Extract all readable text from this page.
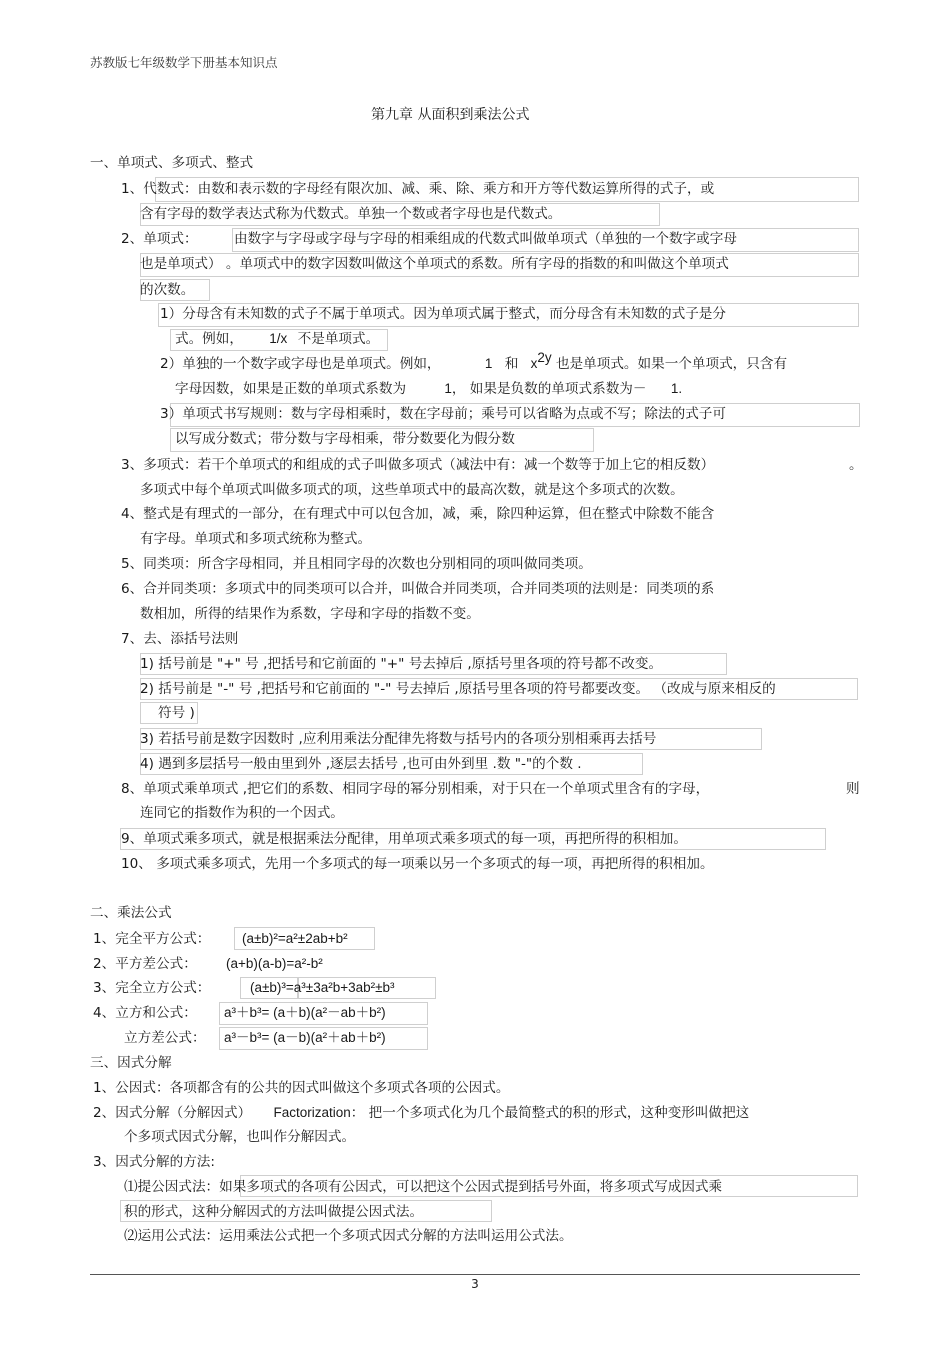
苏教版七年级数学下册基本知识点
第九章 从面积到乘法公式
一、单项式、多项式、整式
1、代数式：由数和表示数的字母经有限次加、减、乘、除、乘方和开方等代数运算所得的式子，或
含有字母的数学表达式称为代数式。单独一个数或者字母也是代数式。
2、单项式：	由数字与字母或字母与字母的相乘组成的代数式叫做单项式（单独的一个数字或字母
也是单项式） 。单项式中的数字因数叫做这个单项式的系数。所有字母的指数的和叫做这个单项式
的次数。
1）分母含有未知数的式子不属于单项式。因为单项式属于整式，而分母含有未知数的式子是分
式。例如， 1/x 不是单项式。
2）单独的一个数字或字母也是单项式。例如，	1 和 $x^{2y}$ 也是单项式。如果一个单项式，只含有
字母因数，如果是正数的单项式系数为	1， 如果是负数的单项式系数为－ 1.
3）单项式书写规则：数与字母相乘时，数在字母前；乘号可以省略为点或不写；除法的式子可
以写成分数式；带分数与字母相乘，带分数要化为假分数
3、多项式：若干个单项式的和组成的式子叫做多项式（减法中有：减一个数等于加上它的相反数）	。
多项式中每个单项式叫做多项式的项，这些单项式中的最高次数，就是这个多项式的次数。
4、整式是有理式的一部分，在有理式中可以包含加，减，乘，除四种运算，但在整式中除数不能含
有字母。单项式和多项式统称为整式。
5、同类项：所含字母相同，并且相同字母的次数也分别相同的项叫做同类项。
6、合并同类项：多项式中的同类项可以合并，叫做合并同类项，合并同类项的法则是：同类项的系
数相加，所得的结果作为系数，字母和字母的指数不变。
7、去、添括号法则
1) 括号前是 "+" 号 ,把括号和它前面的 "+" 号去掉后 ,原括号里各项的符号都不改变。
2) 括号前是 "-" 号 ,把括号和它前面的 "-" 号去掉后 ,原括号里各项的符号都要改变。 （改成与原来相反的
符号 )
3) 若括号前是数字因数时 ,应利用乘法分配律先将数与括号内的各项分别相乘再去括号
4) 遇到多层括号一般由里到外 ,逐层去括号 ,也可由外到里 .数 "-"的个数 .
8、单项式乘单项式 ,把它们的系数、相同字母的幂分别相乘，对于只在一个单项式里含有的字母，	则
连同它的指数作为积的一个因式。
9、单项式乘多项式，就是根据乘法分配律，用单项式乘多项式的每一项，再把所得的积相加。
10、 多项式乘多项式，先用一个多项式的每一项乘以另一个多项式的每一项，再把所得的积相加。
二、乘法公式
1、完全平方公式： (a±b)²=a²±2ab+b²
2、平方差公式： (a+b)(a-b)=a²-b²
3、完全立方公式：	(a±b)³=a³±3a²b+3ab²±b³
4、立方和公式： a³＋b³= (a＋b)(a²－ab＋b²)
立方差公式： a³－b³= (a－b)(a²＋ab＋b²)
三、因式分解
1、公因式：各项都含有的公共的因式叫做这个多项式各项的公因式。
2、因式分解（分解因式） Factorization： 把一个多项式化为几个最简整式的积的形式，这种变形叫做把这
个多项式因式分解，也叫作分解因式。
3、因式分解的方法:
⑴提公因式法：如果多项式的各项有公因式，可以把这个公因式提到括号外面，将多项式写成因式乘
积的形式，这种分解因式的方法叫做提公因式法。
⑵运用公式法：运用乘法公式把一个多项式因式分解的方法叫运用公式法。
3
